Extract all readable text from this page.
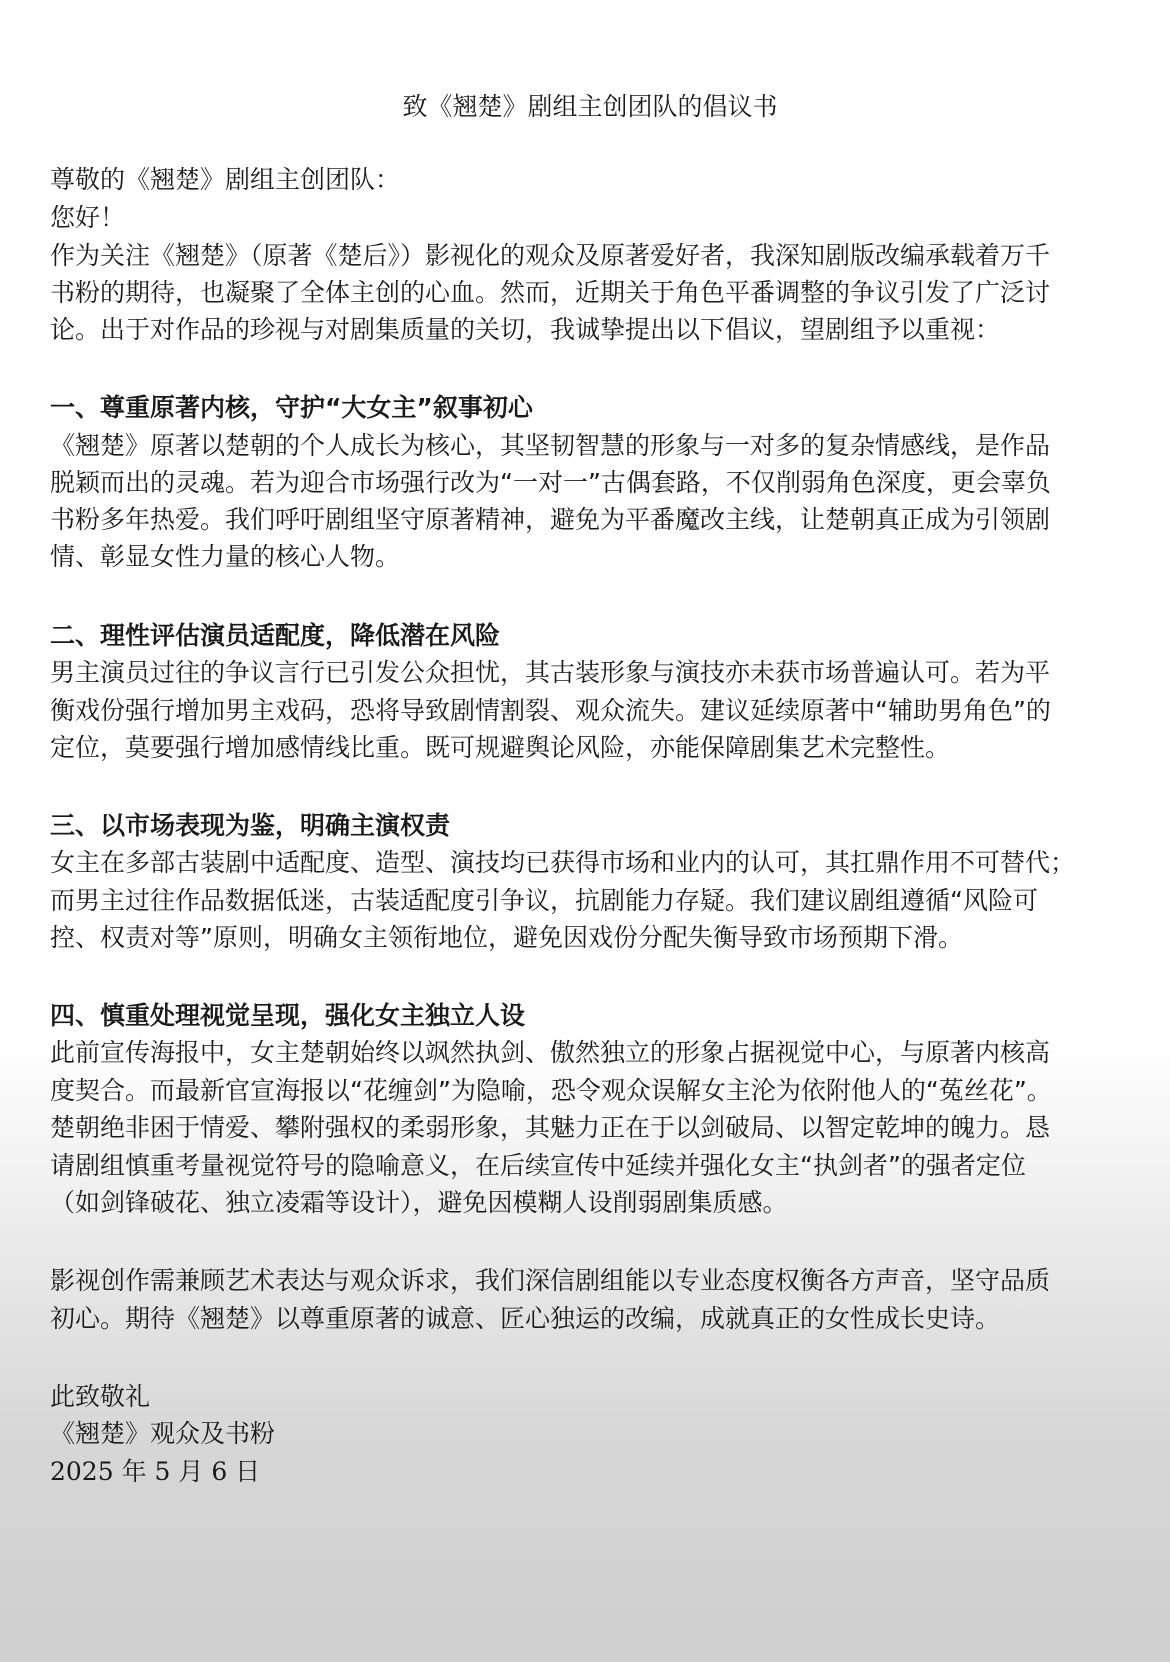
致《翘楚》剧组主创团队的倡议书
尊敬的《翘楚》剧组主创团队：
您好！
作为关注《翘楚》（原著《楚后》）影视化的观众及原著爱好者，我深知剧版改编承载着万千
书粉的期待，也凝聚了全体主创的心血。然而，近期关于角色平番调整的争议引发了广泛讨
论。出于对作品的珍视与对剧集质量的关切，我诚挚提出以下倡议，望剧组予以重视：
一、尊重原著内核，守护“大女主”叙事初心
《翘楚》原著以楚朝的个人成长为核心，其坚韧智慧的形象与一对多的复杂情感线，是作品
脱颖而出的灵魂。若为迎合市场强行改为“一对一”古偶套路，不仅削弱角色深度，更会辜负
书粉多年热爱。我们呼吁剧组坚守原著精神，避免为平番魔改主线，让楚朝真正成为引领剧
情、彰显女性力量的核心人物。
二、理性评估演员适配度，降低潜在风险
男主演员过往的争议言行已引发公众担忧，其古装形象与演技亦未获市场普遍认可。若为平
衡戏份强行增加男主戏码，恐将导致剧情割裂、观众流失。建议延续原著中“辅助男角色”的
定位，莫要强行增加感情线比重。既可规避舆论风险，亦能保障剧集艺术完整性。
三、以市场表现为鉴，明确主演权责
女主在多部古装剧中适配度、造型、演技均已获得市场和业内的认可，其扛鼎作用不可替代；
而男主过往作品数据低迷，古装适配度引争议，抗剧能力存疑。我们建议剧组遵循“风险可
控、权责对等”原则，明确女主领衔地位，避免因戏份分配失衡导致市场预期下滑。
四、慎重处理视觉呈现，强化女主独立人设
此前宣传海报中，女主楚朝始终以飒然执剑、傲然独立的形象占据视觉中心，与原著内核高
度契合。而最新官宣海报以“花缠剑”为隐喻，恐令观众误解女主沦为依附他人的“菟丝花”。
楚朝绝非困于情爱、攀附强权的柔弱形象，其魅力正在于以剑破局、以智定乾坤的魄力。恳
请剧组慎重考量视觉符号的隐喻意义，在后续宣传中延续并强化女主“执剑者”的强者定位
（如剑锋破花、独立凌霜等设计），避免因模糊人设削弱剧集质感。
影视创作需兼顾艺术表达与观众诉求，我们深信剧组能以专业态度权衡各方声音，坚守品质
初心。期待《翘楚》以尊重原著的诚意、匠心独运的改编，成就真正的女性成长史诗。
此致敬礼
《翘楚》观众及书粉
2025 年 5 月 6 日
